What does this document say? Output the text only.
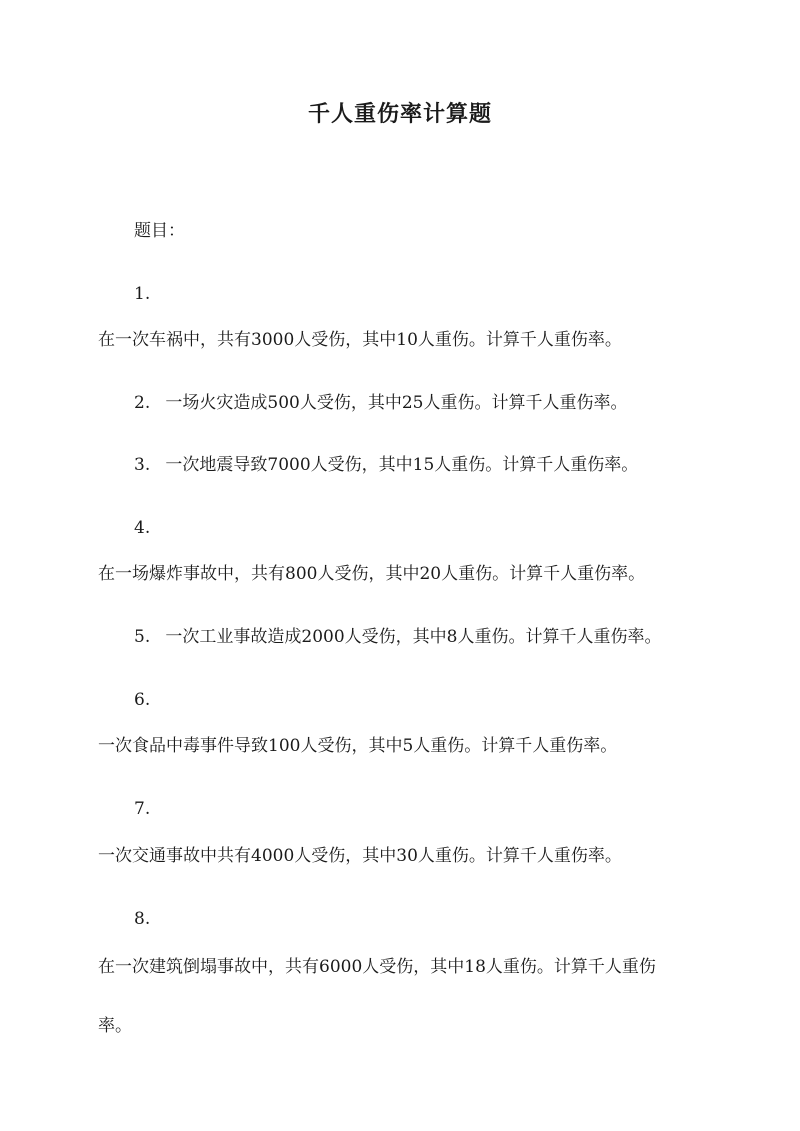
千人重伤率计算题
题目：
1.
在一次车祸中，共有3000人受伤，其中10人重伤。计算千人重伤率。
2. 一场火灾造成500人受伤，其中25人重伤。计算千人重伤率。
3. 一次地震导致7000人受伤，其中15人重伤。计算千人重伤率。
4.
在一场爆炸事故中，共有800人受伤，其中20人重伤。计算千人重伤率。
5. 一次工业事故造成2000人受伤，其中8人重伤。计算千人重伤率。
6.
一次食品中毒事件导致100人受伤，其中5人重伤。计算千人重伤率。
7.
一次交通事故中共有4000人受伤，其中30人重伤。计算千人重伤率。
8.
在一次建筑倒塌事故中，共有6000人受伤，其中18人重伤。计算千人重伤
率。
